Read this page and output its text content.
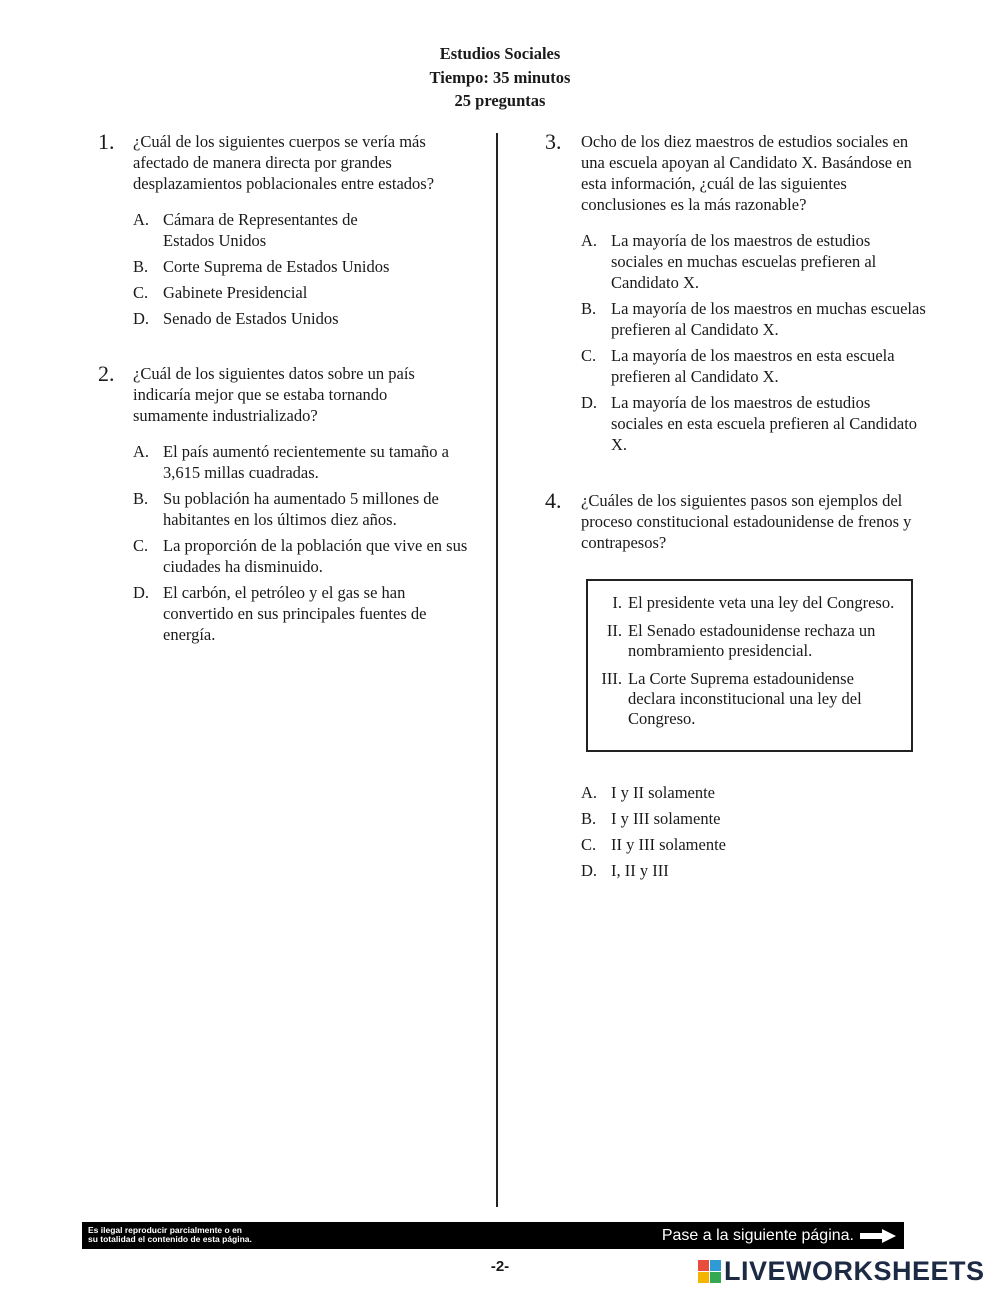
Estudios Sociales
Tiempo: 35 minutos
25 preguntas
1. ¿Cuál de los siguientes cuerpos se vería más afectado de manera directa por grandes desplazamientos poblacionales entre estados?

A. Cámara de Representantes de Estados Unidos
B. Corte Suprema de Estados Unidos
C. Gabinete Presidencial
D. Senado de Estados Unidos
2. ¿Cuál de los siguientes datos sobre un país indicaría mejor que se estaba tornando sumamente industrializado?

A. El país aumentó recientemente su tamaño a 3,615 millas cuadradas.
B. Su población ha aumentado 5 millones de habitantes en los últimos diez años.
C. La proporción de la población que vive en sus ciudades ha disminuido.
D. El carbón, el petróleo y el gas se han convertido en sus principales fuentes de energía.
3. Ocho de los diez maestros de estudios sociales en una escuela apoyan al Candidato X. Basándose en esta información, ¿cuál de las siguientes conclusiones es la más razonable?

A. La mayoría de los maestros de estudios sociales en muchas escuelas prefieren al Candidato X.
B. La mayoría de los maestros en muchas escuelas prefieren al Candidato X.
C. La mayoría de los maestros en esta escuela prefieren al Candidato X.
D. La mayoría de los maestros de estudios sociales en esta escuela prefieren al Candidato X.
4. ¿Cuáles de los siguientes pasos son ejemplos del proceso constitucional estadounidense de frenos y contrapesos?

I. El presidente veta una ley del Congreso.
II. El Senado estadounidense rechaza un nombramiento presidencial.
III. La Corte Suprema estadounidense declara inconstitucional una ley del Congreso.
A. I y II solamente
B. I y III solamente
C. II y III solamente
D. I, II y III
Es ilegal reproducir parcialmente o en
su totalidad el contenido de esta página.	Pase a la siguiente página.
-2-	LIVEWORKSHEETS
